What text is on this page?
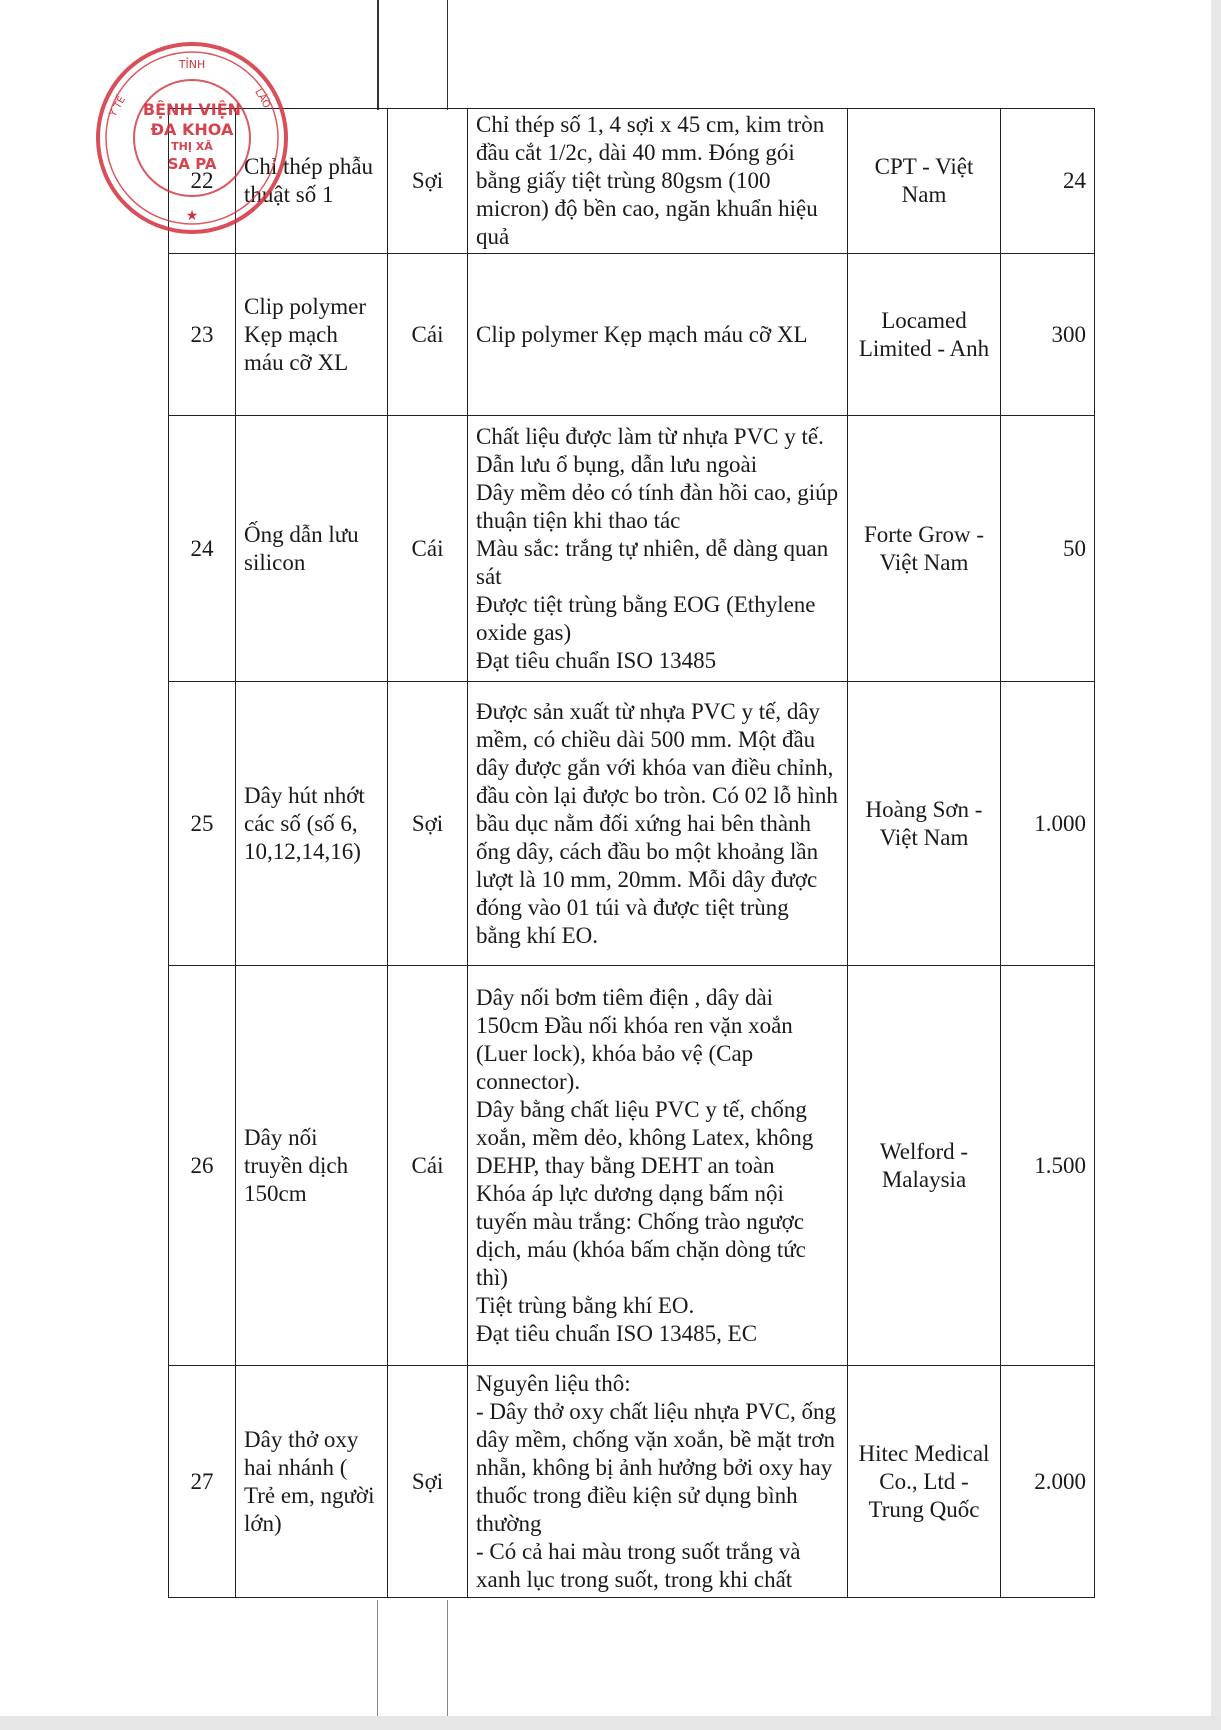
22	Chỉ thép phẫu thuật số 1	Sợi	Chỉ thép số 1, 4 sợi x 45 cm, kim tròn đầu cắt 1/2c, dài 40 mm. Đóng gói bằng giấy tiệt trùng 80gsm (100 micron) độ bền cao, ngăn khuẩn hiệu quả	CPT - Việt Nam	24
23	Clip polymer Kẹp mạch máu cỡ XL	Cái	Clip polymer Kẹp mạch máu cỡ XL	Locamed Limited - Anh	300
24	Ống dẫn lưu silicon	Cái	Chất liệu được làm từ nhựa PVC y tế. Dẫn lưu ổ bụng, dẫn lưu ngoài
Dây mềm dẻo có tính đàn hồi cao, giúp thuận tiện khi thao tác
Màu sắc: trắng tự nhiên, dễ dàng quan sát
Được tiệt trùng bằng EOG (Ethylene oxide gas)
Đạt tiêu chuẩn ISO 13485	Forte Grow - Việt Nam	50
25	Dây hút nhớt các số (số 6, 10,12,14,16)	Sợi	Được sản xuất từ nhựa PVC y tế, dây mềm, có chiều dài 500 mm. Một đầu dây được gắn với khóa van điều chỉnh, đầu còn lại được bo tròn. Có 02 lỗ hình bầu dục nằm đối xứng hai bên thành ống dây, cách đầu bo một khoảng lần lượt là 10 mm, 20mm. Mỗi dây được đóng vào 01 túi và được tiệt trùng bằng khí EO.	Hoàng Sơn - Việt Nam	1.000
26	Dây nối truyền dịch 150cm	Cái	Dây nối bơm tiêm điện , dây dài 150cm Đầu nối khóa ren vặn xoắn (Luer lock), khóa bảo vệ (Cap connector).
Dây bằng chất liệu PVC y tế, chống xoắn, mềm dẻo, không Latex, không DEHP, thay bằng DEHT an toàn
Khóa áp lực dương dạng bấm nội tuyến màu trắng: Chống trào ngược dịch, máu (khóa bấm chặn dòng tức thì)
Tiệt trùng bằng khí EO.
Đạt tiêu chuẩn ISO 13485, EC	Welford - Malaysia	1.500
27	Dây thở oxy hai nhánh ( Trẻ em, người lớn)	Sợi	Nguyên liệu thô:
- Dây thở oxy chất liệu nhựa PVC, ống dây mềm, chống vặn xoắn, bề mặt trơn nhẵn, không bị ảnh hưởng bởi oxy hay thuốc trong điều kiện sử dụng bình thường
- Có cả hai màu trong suốt trắng và xanh lục trong suốt, trong khi chất	Hitec Medical Co., Ltd - Trung Quốc	2.000
TỈNH
LÀO
Y TẾ
★
BỆNH VIỆN
ĐA KHOA
THỊ XÃ
SA PA
